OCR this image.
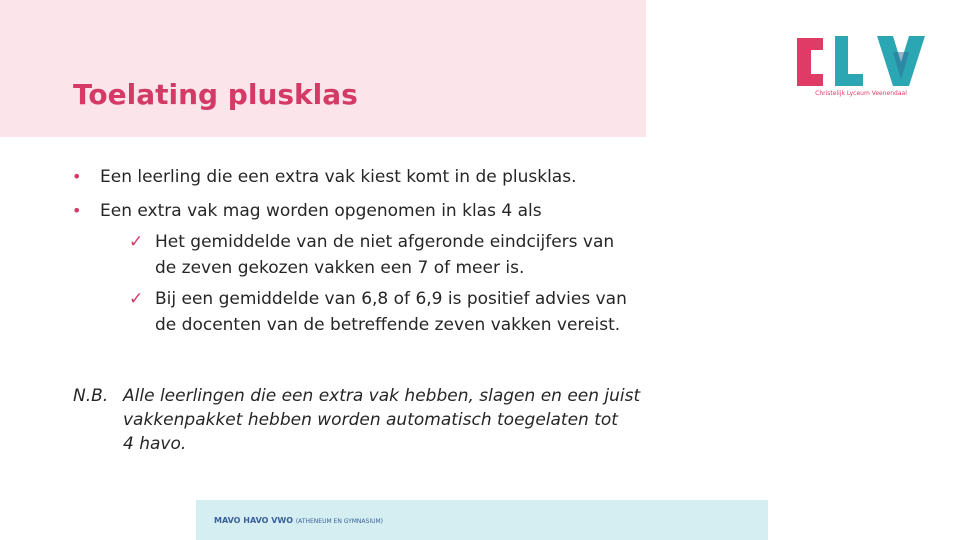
Toelating plusklas	Christelijk Lyceum Veenendaal
• Een leerling die een extra vak kiest komt in de plusklas.
• Een extra vak mag worden opgenomen in klas 4 als
✓ Het gemiddelde van de niet afgeronde eindcijfers van
de zeven gekozen vakken een 7 of meer is.
✓ Bij een gemiddelde van 6,8 of 6,9 is positief advies van
de docenten van de betreffende zeven vakken vereist.
N.B. Alle leerlingen die een extra vak hebben, slagen en een juist
vakkenpakket hebben worden automatisch toegelaten tot
4 havo.
MAVO HAVO VWO (ATHENEUM EN GYMNASIUM)
